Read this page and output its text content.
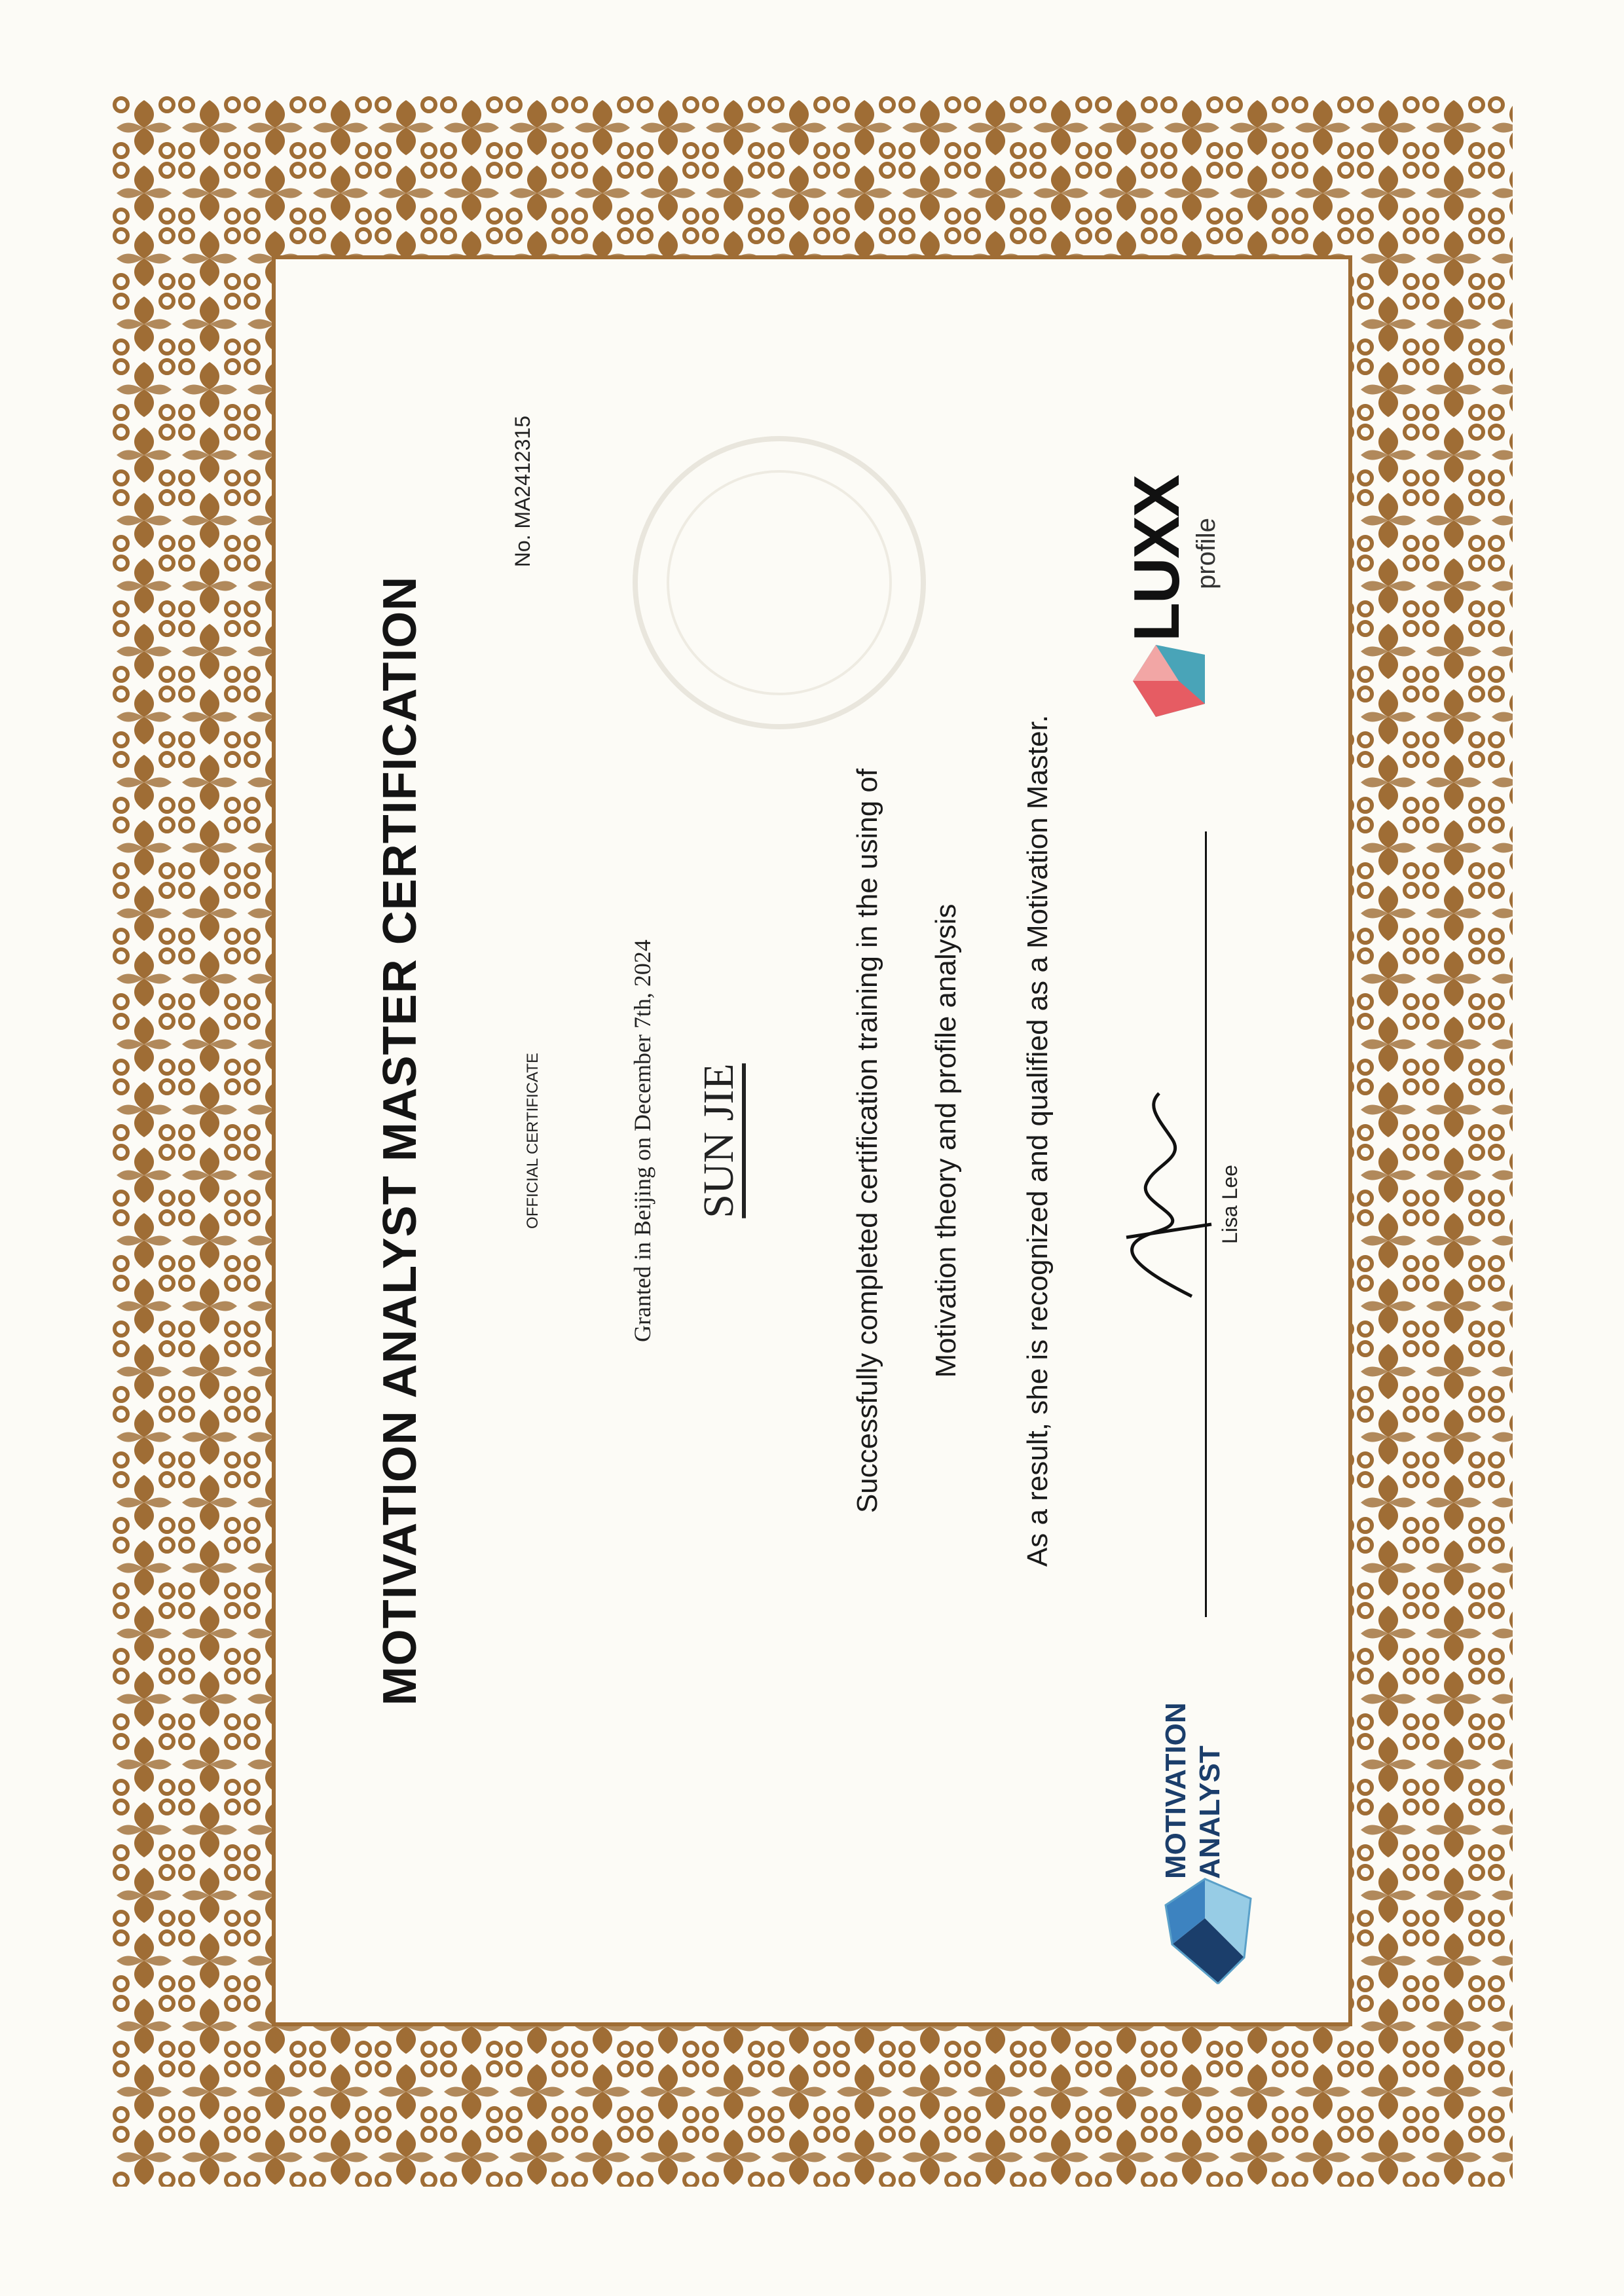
MOTIVATION ANALYST MASTER CERTIFICATION	OFFICIAL CERTIFICATE
No. MA2412315
Granted in Beijing on December 7th, 2024 SUN JIE	Successfully completed certification training in the using of Motivation theory and profile analysis As a result, she is recognized and qualified as a Motivation Master.
MOTIVATION ANALYST
Lisa Lee
LUXX profile
